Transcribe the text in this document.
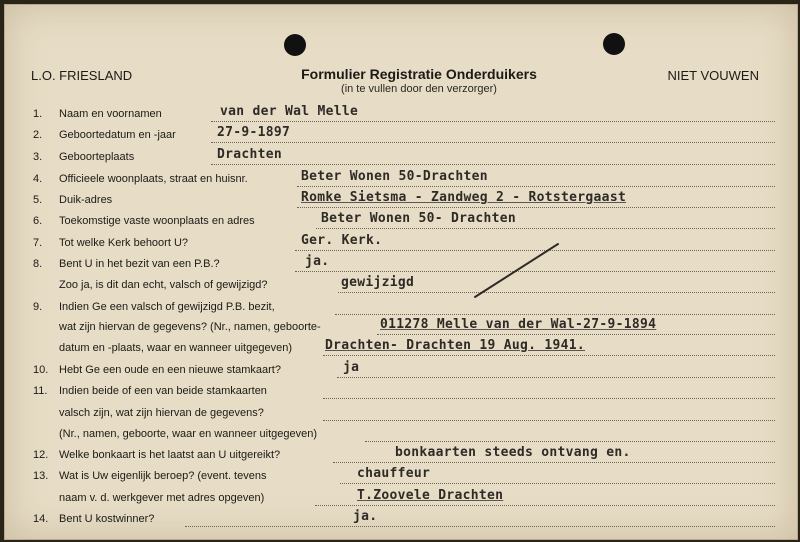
L.O. FRIESLAND	Formulier Registratie Onderduikers
(in te vullen door den verzorger)
NIET VOUWEN
1. Naam en voornamen	van der Wal Melle
2. Geboortedatum en -jaar	27-9-1897
3. Geboorteplaats	Drachten
4. Officieele woonplaats, straat en huisnr.	Beter Wonen 50-Drachten
5. Duik-adres	Romke Sietsma - Zandweg 2 - Rotstergaast
6. Toekomstige vaste woonplaats en adres	Beter Wonen 50- Drachten
7. Tot welke Kerk behoort U?	Ger. Kerk.
8. Bent U in het bezit van een P.B.?	ja.
Zoo ja, is dit dan echt, valsch of gewijzigd?	gewijzigd
9. Indien Ge een valsch of gewijzigd P.B. bezit,
wat zijn hiervan de gegevens? (Nr., namen, geboorte-	011278 Melle van der Wal-27-9-1894
datum en -plaats, waar en wanneer uitgegeven)	Drachten- Drachten 19 Aug. 1941.
10. Hebt Ge een oude en een nieuwe stamkaart?	ja
11. Indien beide of een van beide stamkaarten
valsch zijn, wat zijn hiervan de gegevens?
(Nr., namen, geboorte, waar en wanneer uitgegeven)
12. Welke bonkaart is het laatst aan U uitgereikt?	bonkaarten steeds ontvang en.
13. Wat is Uw eigenlijk beroep? (event. tevens	chauffeur
naam v. d. werkgever met adres opgeven)	T.Zoovele Drachten
14. Bent U kostwinner?	ja.
